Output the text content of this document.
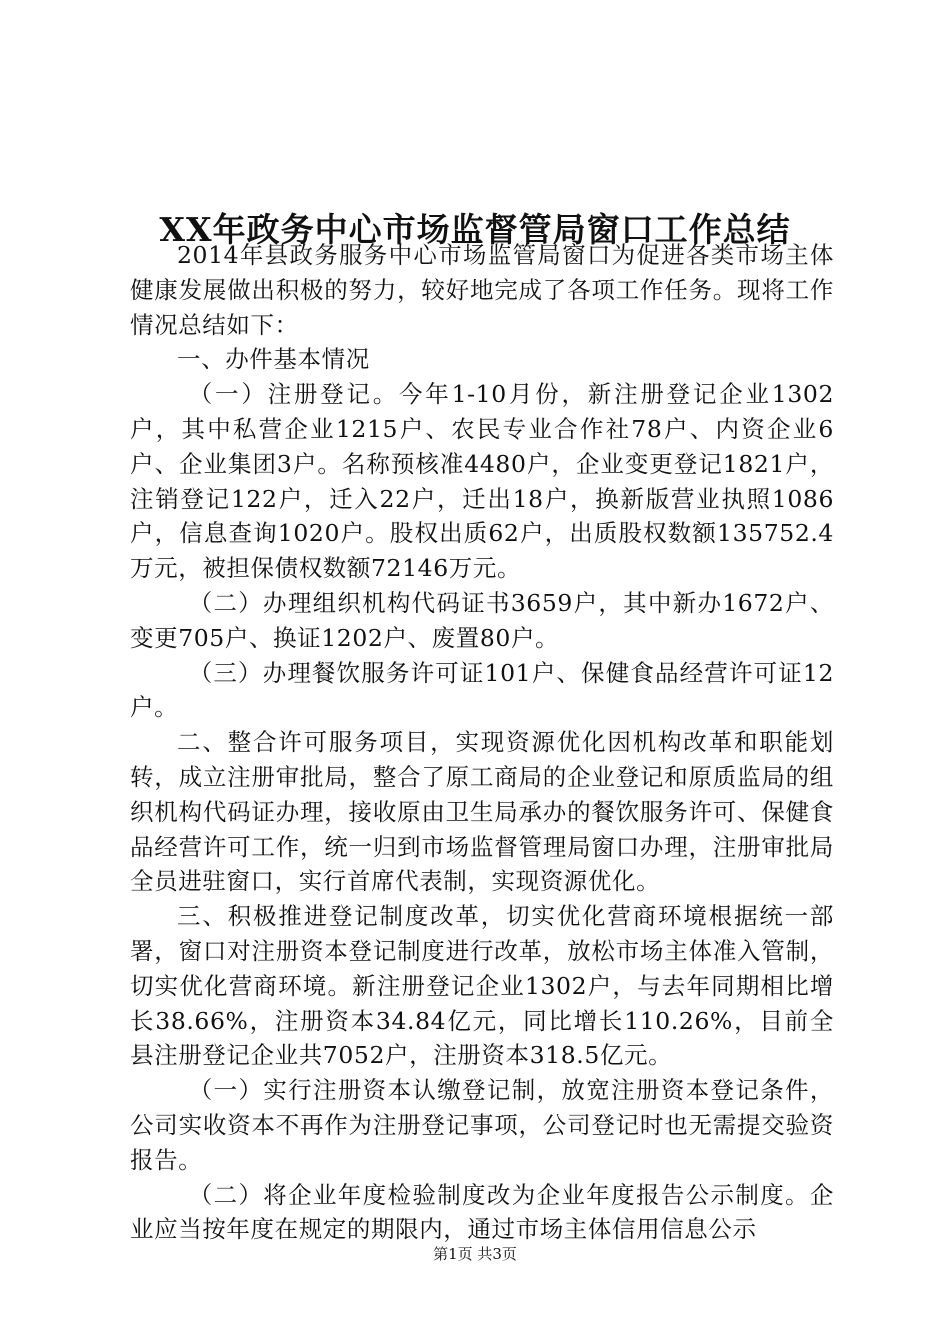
XX年政务中心市场监督管局窗口工作总结

2014年县政务服务中心市场监管局窗口为促进各类市场主体健康发展做出积极的努力，较好地完成了各项工作任务。现将工作情况总结如下：

一、办件基本情况

（一）注册登记。今年1-10月份，新注册登记企业1302户，其中私营企业1215户、农民专业合作社78户、内资企业6户、企业集团3户。名称预核准4480户，企业变更登记1821户，注销登记122户，迁入22户，迁出18户，换新版营业执照1086户，信息查询1020户。股权出质62户，出质股权数额135752.4万元，被担保债权数额72146万元。

（二）办理组织机构代码证书3659户，其中新办1672户、变更705户、换证1202户、废置80户。

（三）办理餐饮服务许可证101户、保健食品经营许可证12户。

二、整合许可服务项目，实现资源优化因机构改革和职能划转，成立注册审批局，整合了原工商局的企业登记和原质监局的组织机构代码证办理，接收原由卫生局承办的餐饮服务许可、保健食品经营许可工作，统一归到市场监督管理局窗口办理，注册审批局全员进驻窗口，实行首席代表制，实现资源优化。

三、积极推进登记制度改革，切实优化营商环境根据统一部署，窗口对注册资本登记制度进行改革，放松市场主体准入管制，切实优化营商环境。新注册登记企业1302户，与去年同期相比增长38.66%，注册资本34.84亿元，同比增长110.26%，目前全县注册登记企业共7052户，注册资本318.5亿元。

（一）实行注册资本认缴登记制，放宽注册资本登记条件，公司实收资本不再作为注册登记事项，公司登记时也无需提交验资报告。

（二）将企业年度检验制度改为企业年度报告公示制度。企业应当按年度在规定的期限内，通过市场主体信用信息公示

第1页 共3页
